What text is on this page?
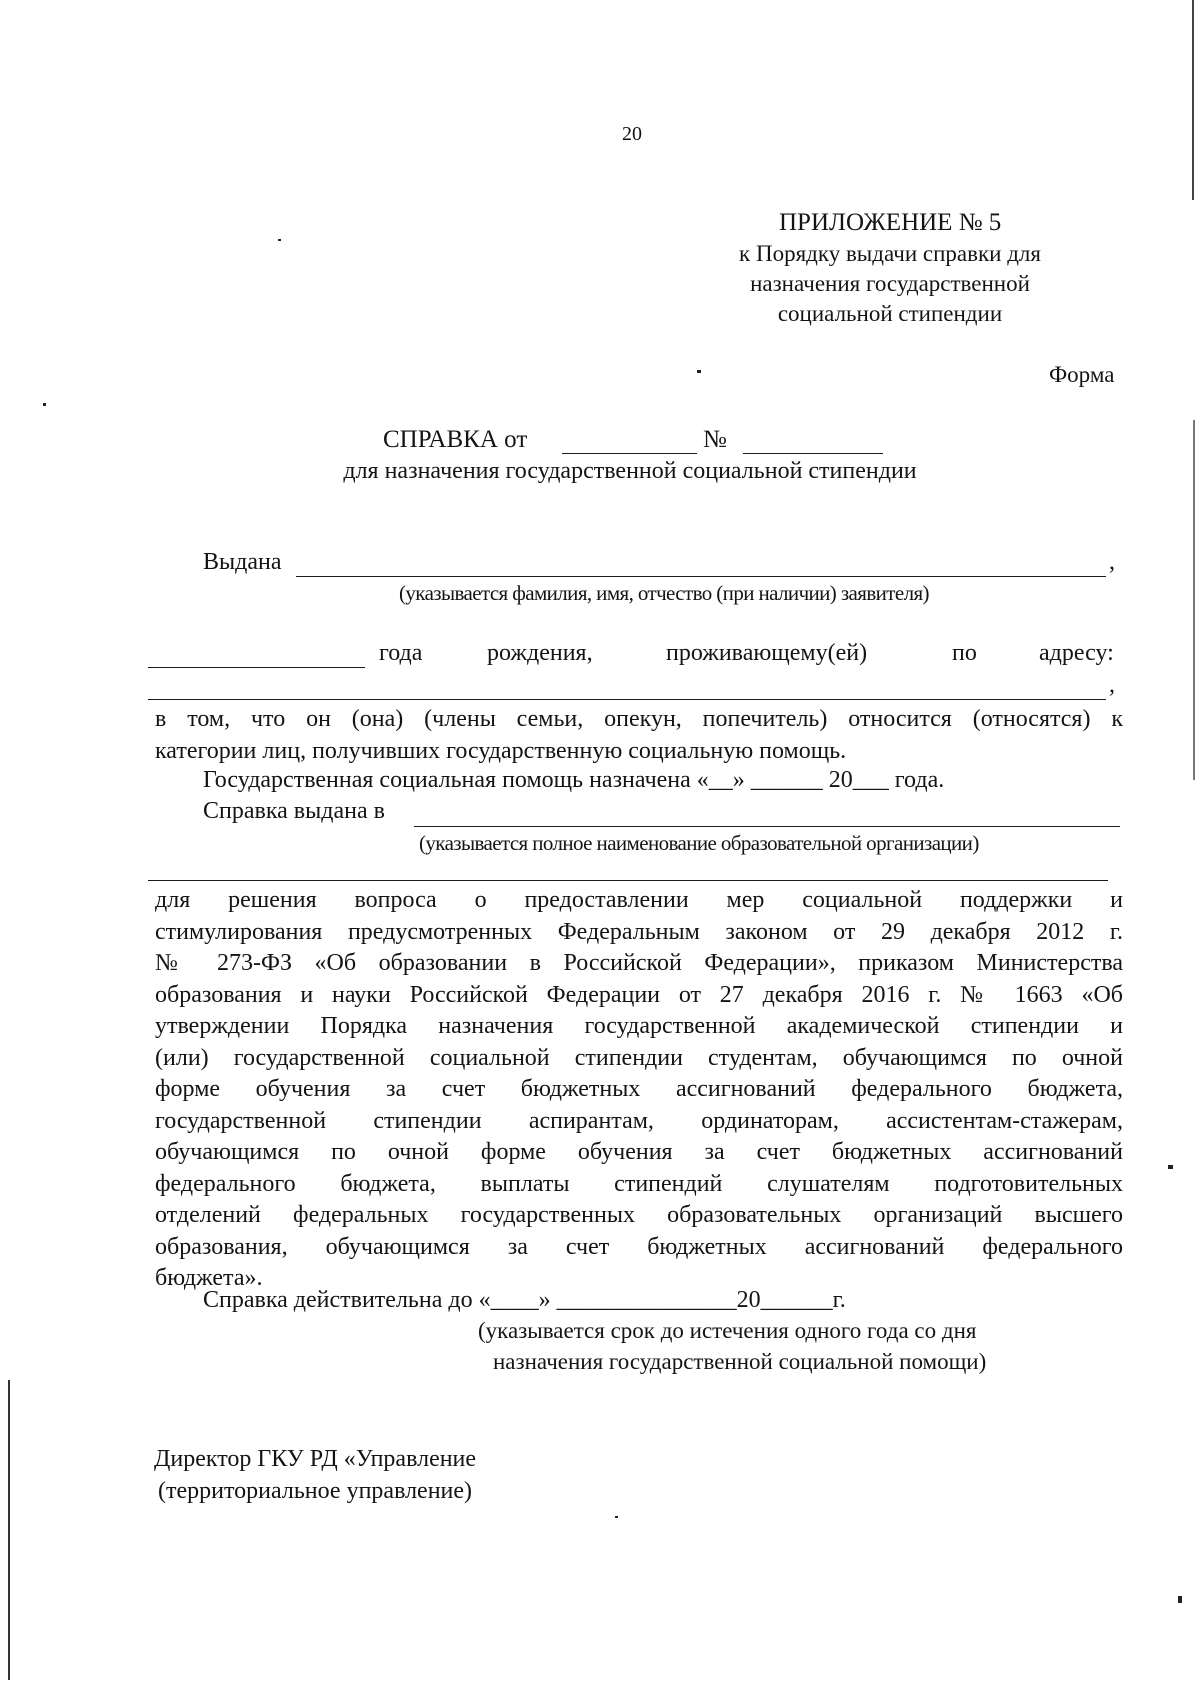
20
ПРИЛОЖЕНИЕ № 5
к Порядку выдачи справки для
назначения государственной
социальной стипендии
Форма
СПРАВКА от	№
для назначения государственной социальной стипендии
Выдана	,
(указывается фамилия, имя, отчество (при наличии) заявителя)
года	рождения,	проживающему(ей)	по	адресу:
,
в том, что он (она) (члены семьи, опекун, попечитель) относится (относятся) к
категории лиц, получивших государственную социальную помощь.
Государственная социальная помощь назначена «__» ______ 20___ года.
Справка выдана в
(указывается полное наименование образовательной организации)
для решения вопроса о предоставлении мер социальной поддержки и
стимулирования предусмотренных Федеральным законом от 29 декабря 2012 г.
№ 273-ФЗ «Об образовании в Российской Федерации», приказом Министерства
образования и науки Российской Федерации от 27 декабря 2016 г. № 1663 «Об
утверждении Порядка назначения государственной академической стипендии и
(или) государственной социальной стипендии студентам, обучающимся по очной
форме обучения за счет бюджетных ассигнований федерального бюджета,
государственной стипендии аспирантам, ординаторам, ассистентам-стажерам,
обучающимся по очной форме обучения за счет бюджетных ассигнований
федерального бюджета, выплаты стипендий слушателям подготовительных
отделений федеральных государственных образовательных организаций высшего
образования, обучающимся за счет бюджетных ассигнований федерального
бюджета».
Справка действительна до «____» _______________20______г.
(указывается срок до истечения одного года со дня
назначения государственной социальной помощи)
Директор ГКУ РД «Управление
(территориальное управление)
